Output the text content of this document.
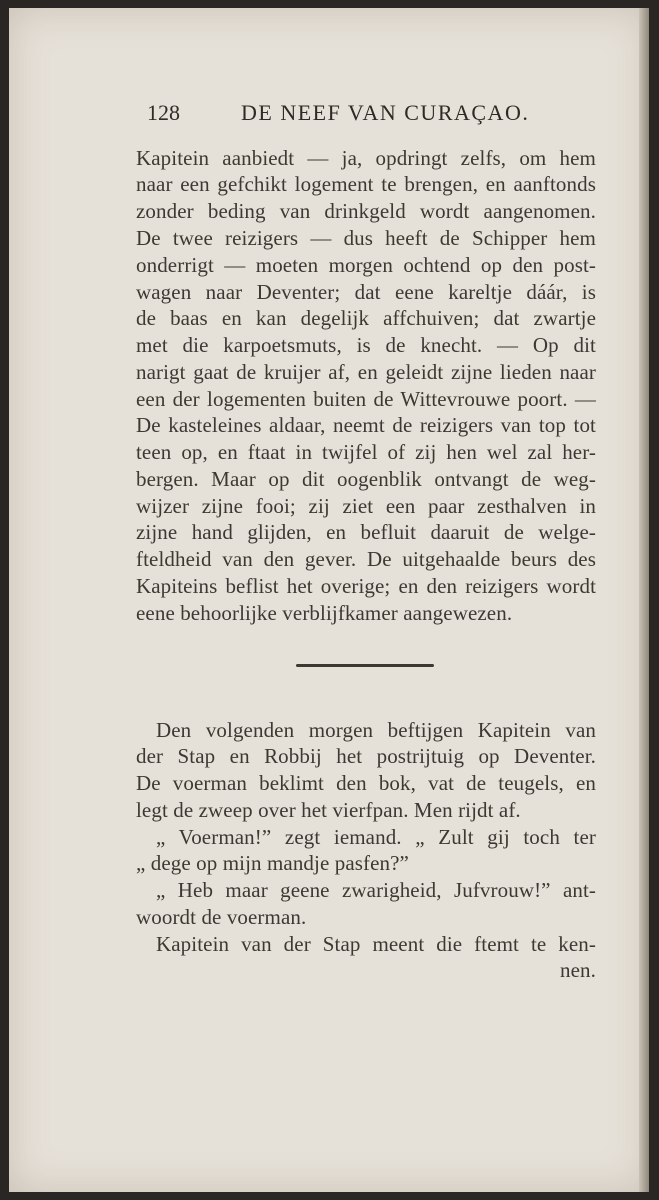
128	DE NEEF VAN CURAÇAO.
Kapitein aanbiedt — ja, opdringt zelfs, om hem
naar een gefchikt logement te brengen, en aanftonds
zonder beding van drinkgeld wordt aangenomen.
De twee reizigers — dus heeft de Schipper hem
onderrigt — moeten morgen ochtend op den post-
wagen naar Deventer; dat eene kareltje dáár, is
de baas en kan degelijk affchuiven; dat zwartje
met die karpoetsmuts, is de knecht. — Op dit
narigt gaat de kruijer af, en geleidt zijne lieden naar
een der logementen buiten de Wittevrouwe poort. —
De kasteleines aldaar, neemt de reizigers van top tot
teen op, en ftaat in twijfel of zij hen wel zal her-
bergen. Maar op dit oogenblik ontvangt de weg-
wijzer zijne fooi; zij ziet een paar zesthalven in
zijne hand glijden, en befluit daaruit de welge-
fteldheid van den gever. De uitgehaalde beurs des
Kapiteins beflist het overige; en den reizigers wordt
eene behoorlijke verblijfkamer aangewezen.
Den volgenden morgen beftijgen Kapitein van
der Stap en Robbij het postrijtuig op Deventer.
De voerman beklimt den bok, vat de teugels, en
legt de zweep over het vierfpan. Men rijdt af.
„ Voerman!” zegt iemand. „ Zult gij toch ter
„ dege op mijn mandje pasfen?”
„ Heb maar geene zwarigheid, Jufvrouw!” ant-
woordt de voerman.
Kapitein van der Stap meent die ftemt te ken-
nen.
